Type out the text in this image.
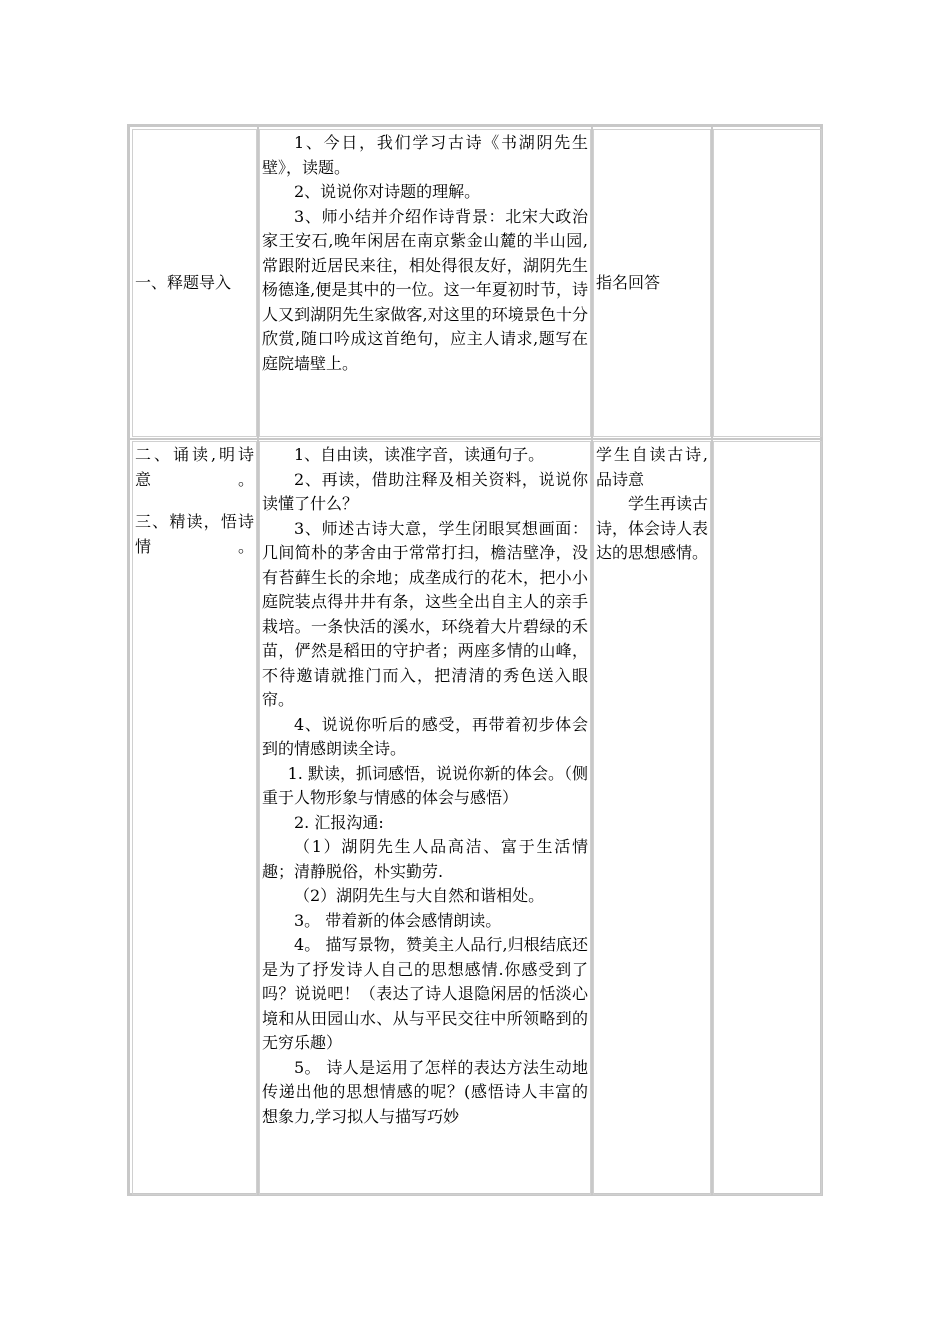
一、释题导入

1、今日，我们学习古诗《书湖阴先生壁》，读题。

2、说说你对诗题的理解。

3、师小结并介绍作诗背景：北宋大政治家王安石,晚年闲居在南京紫金山麓的半山园,常跟附近居民来往，相处得很友好，湖阴先生杨德逢,便是其中的一位。这一年夏初时节，诗人又到湖阴先生家做客,对这里的环境景色十分欣赏,随口吟成这首绝句，应主人请求,题写在庭院墙壁上。

指名回答

二、诵读,明诗意。

三、精读，悟诗情。

1、自由读，读准字音，读通句子。

2、再读，借助注释及相关资料，说说你读懂了什么？

3、师述古诗大意，学生闭眼冥想画面：几间简朴的茅舍由于常常打扫，檐洁壁净，没有苔藓生长的余地；成垄成行的花木，把小小庭院装点得井井有条，这些全出自主人的亲手栽培。一条快活的溪水，环绕着大片碧绿的禾苗，俨然是稻田的守护者；两座多情的山峰，不待邀请就推门而入，把清清的秀色送入眼帘。

4、说说你听后的感受，再带着初步体会到的情感朗读全诗。

1. 默读，抓词感悟，说说你新的体会。（侧重于人物形象与情感的体会与感悟）

2. 汇报沟通:

（1）湖阴先生人品高洁、富于生活情趣；清静脱俗，朴实勤劳.

（2）湖阴先生与大自然和谐相处。

3。 带着新的体会感情朗读。

4。 描写景物，赞美主人品行,归根结底还是为了抒发诗人自己的思想感情.你感受到了吗？说说吧！（表达了诗人退隐闲居的恬淡心境和从田园山水、从与平民交往中所领略到的无穷乐趣）

5。 诗人是运用了怎样的表达方法生动地传递出他的思想情感的呢？(感悟诗人丰富的想象力,学习拟人与描写巧妙

学生自读古诗,品诗意

学生再读古诗，体会诗人表达的思想感情。
